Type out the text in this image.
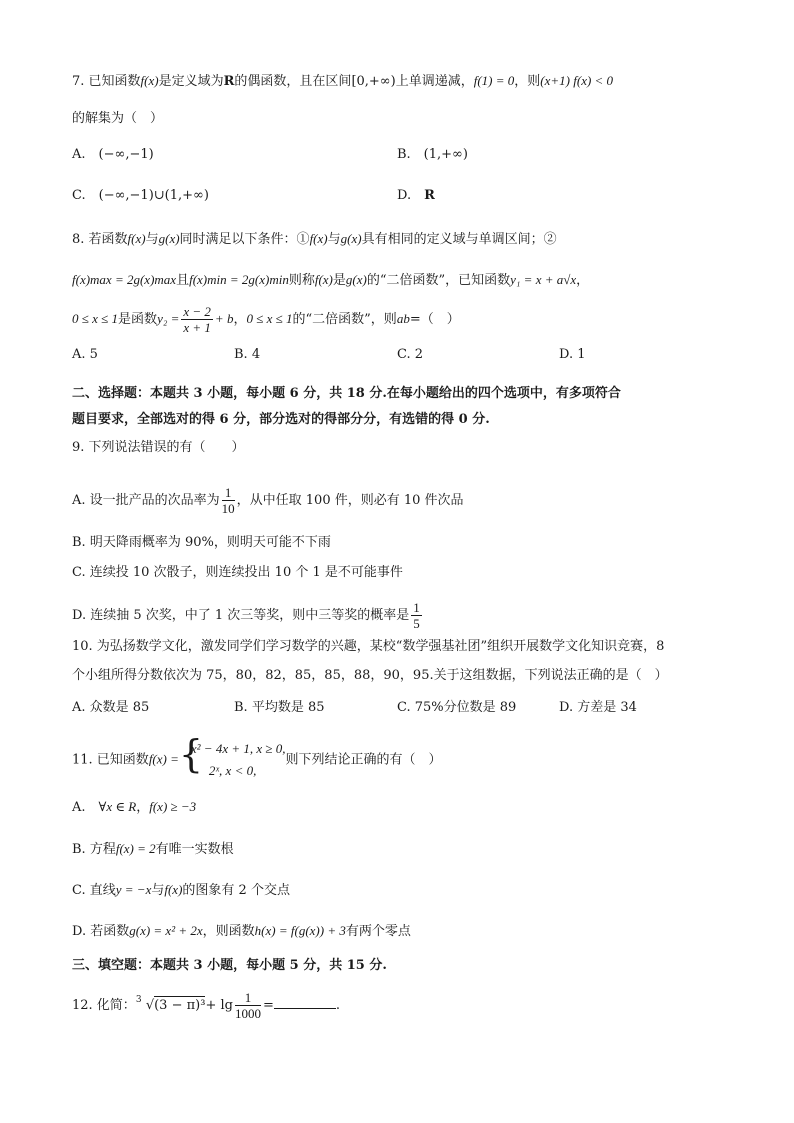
7. 已知函数f(x)是定义域为R的偶函数，且在区间[0,+∞)上单调递减，f(1) = 0，则(x+1) f(x) < 0
的解集为（　）
A.　(−∞,−1)	B.　(1,+∞)
C.　(−∞,−1)∪(1,+∞)	D.　R
8. 若函数f(x)与g(x)同时满足以下条件：①f(x)与g(x)具有相同的定义域与单调区间；②
f(x)max = 2g(x)max且f(x)min = 2g(x)min则称f(x)是g(x)的“二倍函数”，已知函数y₁ = x + a√x，
0 ≤ x ≤ 1是函数$y_2 = \frac{x - 2}{x + 1} + b$，0 ≤ x ≤ 1的“二倍函数”，则ab=（　）
A. 5	B. 4	C. 2	D. 1
二、选择题：本题共 3 小题，每小题 6 分，共 18 分.在每小题给出的四个选项中，有多项符合
题目要求，全部选对的得 6 分，部分选对的得部分分，有选错的得 0 分.
9. 下列说法错误的有（　　）
A. 设一批产品的次品率为 $\frac{1}{10}$ ，从中任取 100 件，则必有 10 件次品
B. 明天降雨概率为 90%，则明天可能不下雨
C. 连续投 10 次骰子，则连续投出 10 个 1 是不可能事件
D. 连续抽 5 次奖，中了 1 次三等奖，则中三等奖的概率是 $\frac{1}{5}$
10. 为弘扬数学文化，激发同学们学习数学的兴趣，某校“数学强基社团”组织开展数学文化知识竞赛，8
个小组所得分数依次为 75，80，82，85，85，88，90，95.关于这组数据，下列说法正确的是（　）
A. 众数是 85	B. 平均数是 85	C. 75%分位数是 89	D. 方差是 34
11. 已知函数f(x) = {
x² − 4x + 1, x ≥ 0,
2ˣ, x < 0,
则下列结论正确的有（　）
A.　∀x ∈ R，f(x) ≥ −3
B. 方程f(x) = 2有唯一实数根
C. 直线y = −x与f(x)的图象有 2 个交点
D. 若函数g(x) = x² + 2x，则函数h(x) = f(g(x)) + 3有两个零点
三、填空题：本题共 3 小题，每小题 5 分，共 15 分.
12. 化简： 3 $√(3 - \pi)^3+ \lg \frac{1}{1000}$ =	.
